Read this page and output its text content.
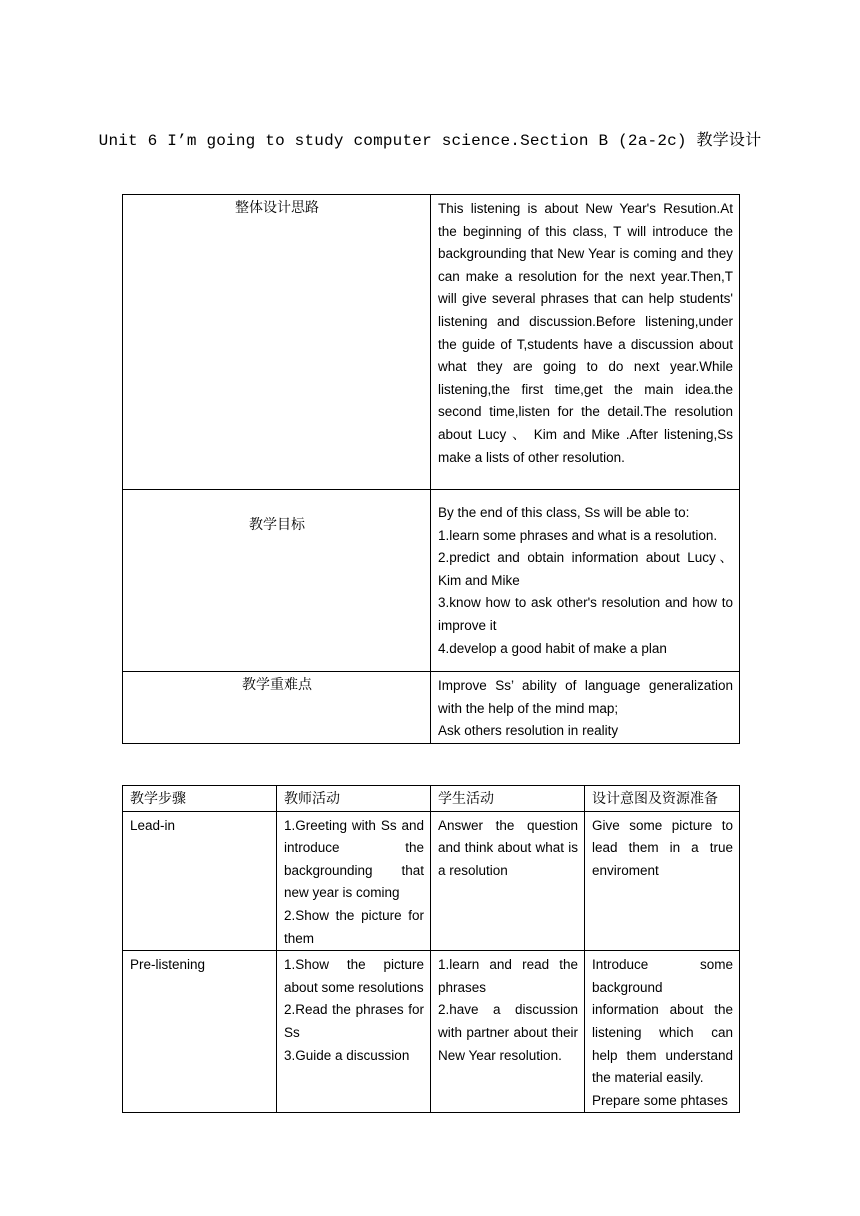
Unit 6 I’m going to study computer science.Section B (2a-2c) 教学设计
整体设计思路	This listening is about New Year's Resution.At the beginning of this class, T will introduce the backgrounding that New Year is coming and they can make a resolution for the next year.Then,T will give several phrases that can help students' listening and discussion.Before listening,under the guide of T,students have a discussion about what they are going to do next year.While listening,the first time,get the main idea.the second time,listen for the detail.The resolution about Lucy 、 Kim and Mike .After listening,Ss make a lists of other resolution.
教学目标	By the end of this class, Ss will be able to:
1.learn some phrases and what is a resolution.
2.predict and obtain information about Lucy、Kim and Mike
3.know how to ask other's resolution and how to improve it
4.develop a good habit of make a plan

教学重难点	Improve Ss’ ability of language generalization with the help of the mind map;
Ask others resolution in reality
教学步骤	教师活动	学生活动	设计意图及资源准备
Lead-in	1.Greeting with Ss and introduce the backgrounding that new year is coming
2.Show the picture for them	Answer the question and think about what is a resolution	Give some picture to lead them in a true enviroment

Pre-listening	1.Show the picture about some resolutions
2.Read the phrases for Ss
3.Guide a discussion	1.learn and read the phrases
2.have a discussion with partner about their New Year resolution.	Introduce some background information about the listening which can help them understand the material easily.
Prepare some phtases
